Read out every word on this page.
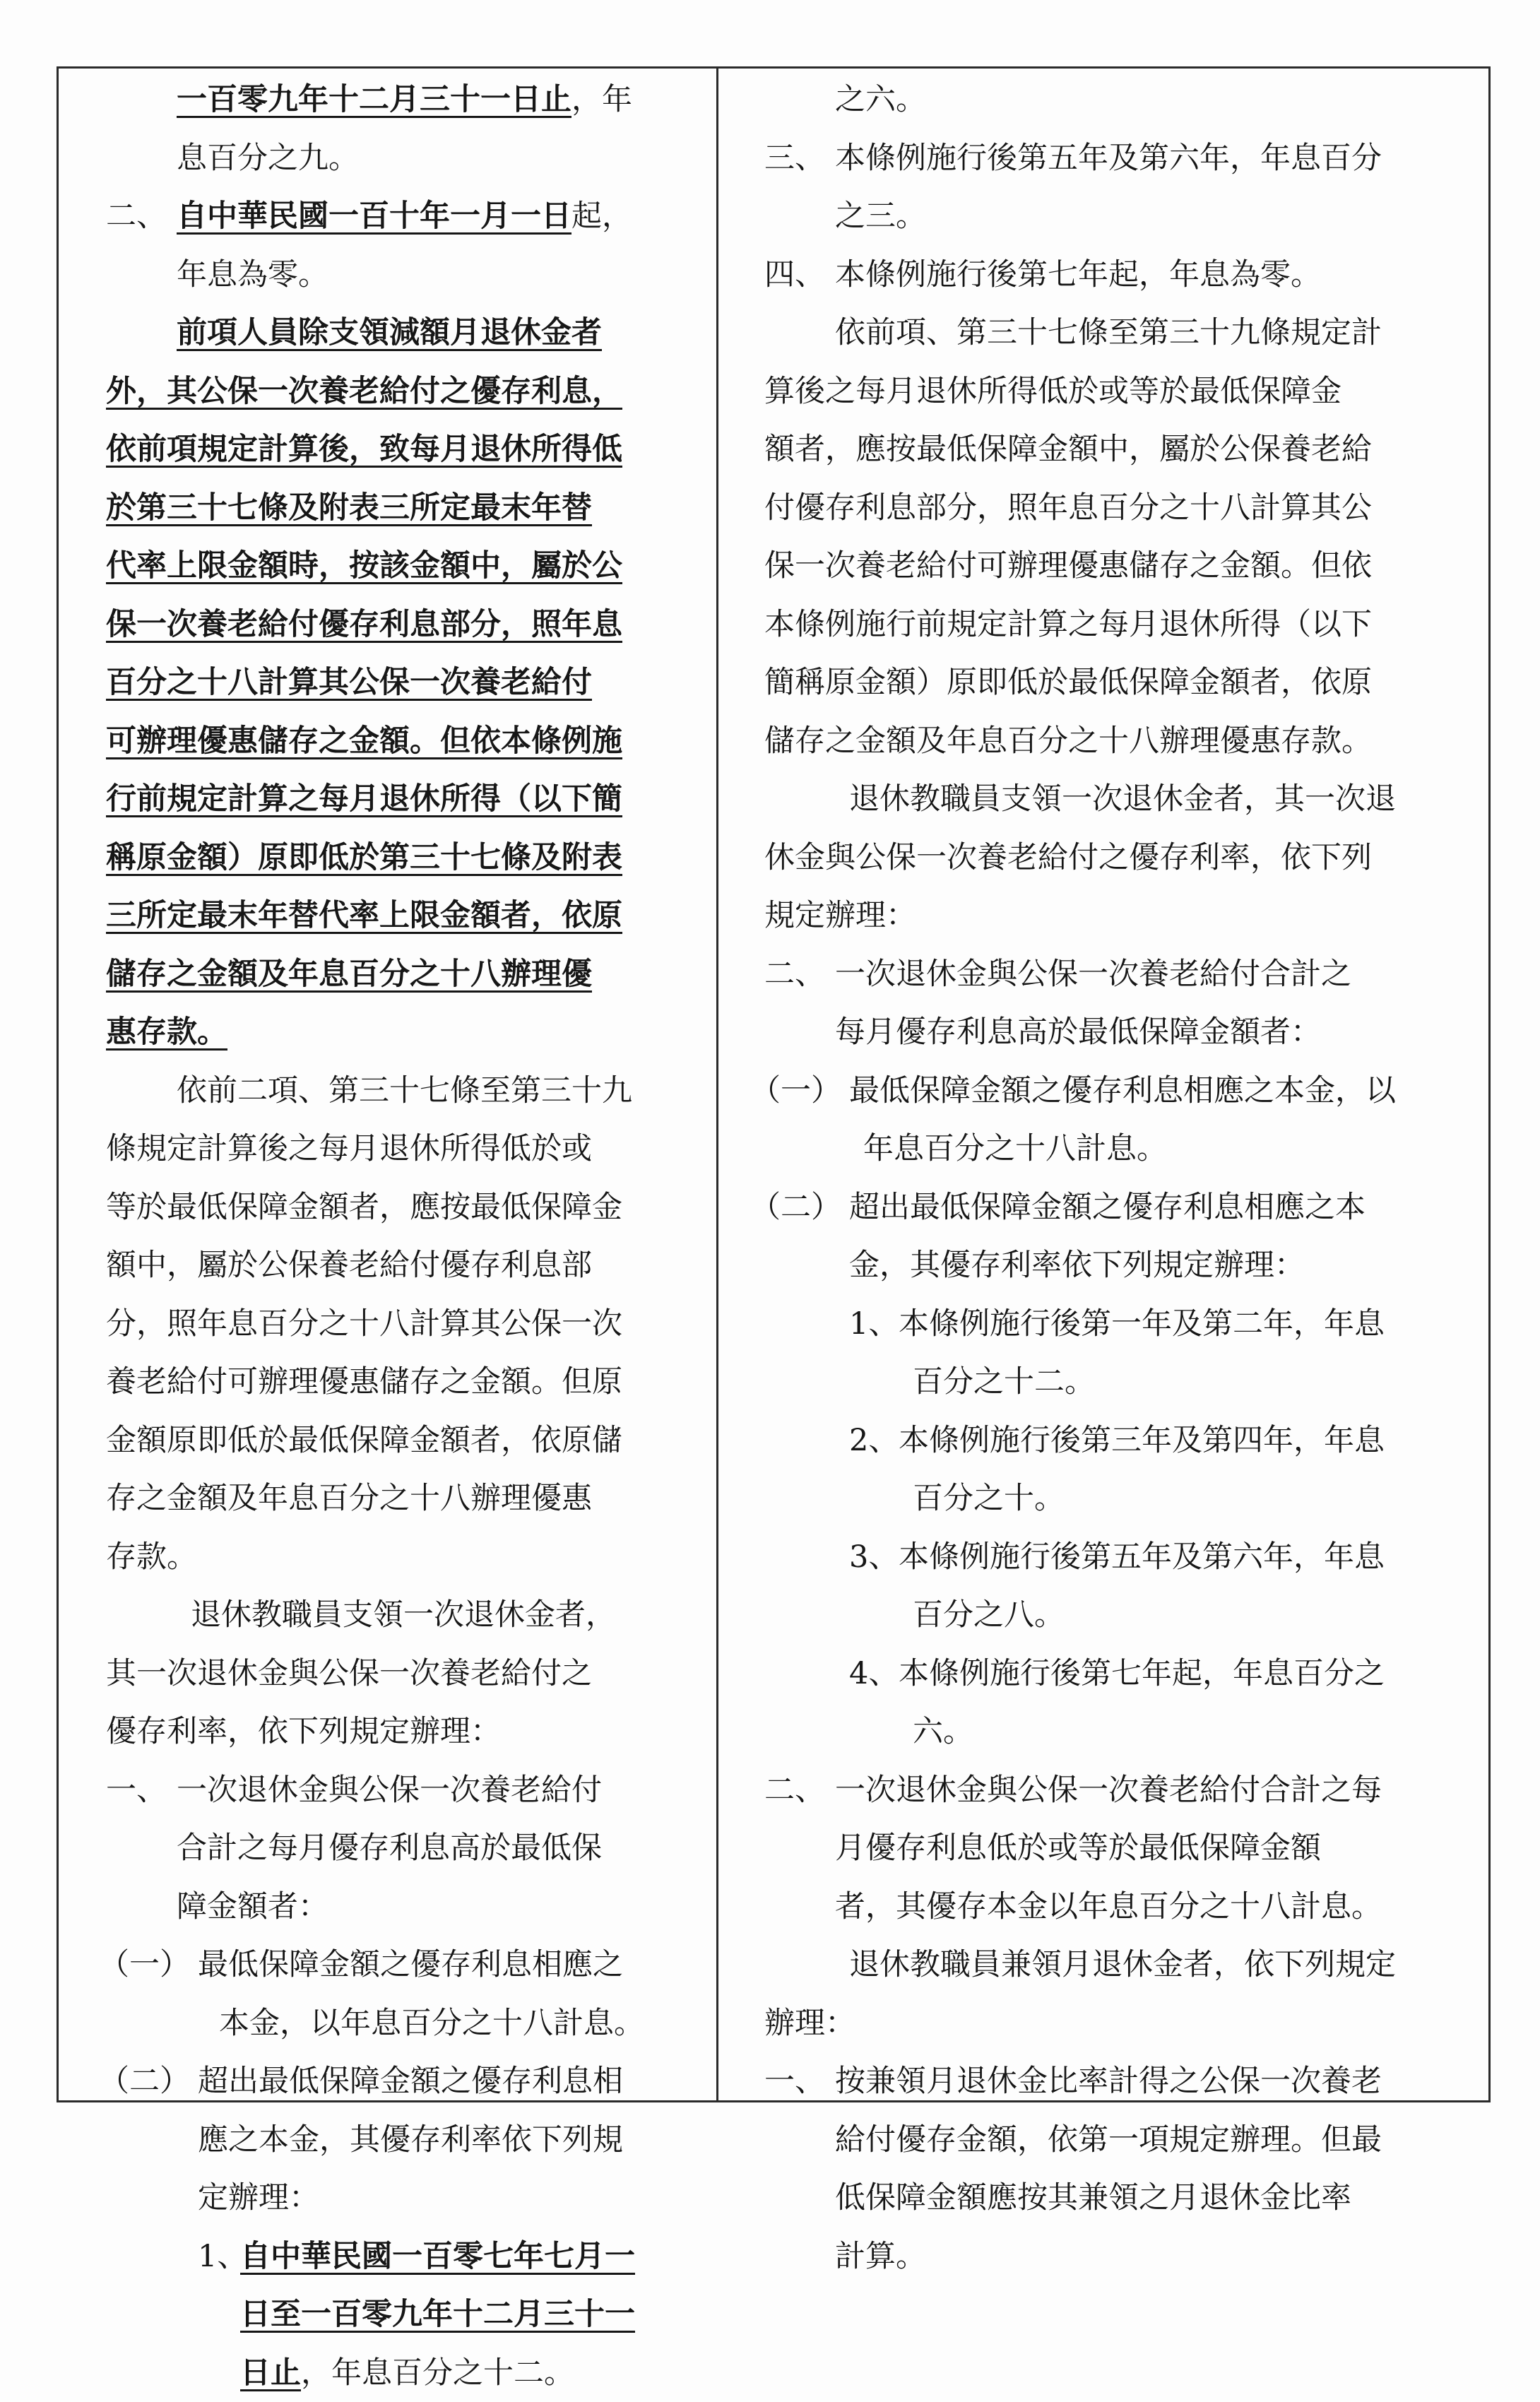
一百零九年十二月三十一日止，年
息百分之九。
二、 自中華民國一百十年一月一日起，
年息為零。
前項人員除支領減額月退休金者
外，其公保一次養老給付之優存利息，
依前項規定計算後，致每月退休所得低
於第三十七條及附表三所定最末年替
代率上限金額時，按該金額中，屬於公
保一次養老給付優存利息部分，照年息
百分之十八計算其公保一次養老給付
可辦理優惠儲存之金額。但依本條例施
行前規定計算之每月退休所得（以下簡
稱原金額）原即低於第三十七條及附表
三所定最末年替代率上限金額者，依原
儲存之金額及年息百分之十八辦理優
惠存款。
依前二項、第三十七條至第三十九
條規定計算後之每月退休所得低於或
等於最低保障金額者，應按最低保障金
額中，屬於公保養老給付優存利息部
分，照年息百分之十八計算其公保一次
養老給付可辦理優惠儲存之金額。但原
金額原即低於最低保障金額者，依原儲
存之金額及年息百分之十八辦理優惠
存款。
退休教職員支領一次退休金者，
其一次退休金與公保一次養老給付之
優存利率，依下列規定辦理：
一、 一次退休金與公保一次養老給付
合計之每月優存利息高於最低保
障金額者：
（一） 最低保障金額之優存利息相應之
本金，以年息百分之十八計息。
（二） 超出最低保障金額之優存利息相
應之本金，其優存利率依下列規
定辦理：
1、
自中華民國一百零七年七月一
日至一百零九年十二月三十一
日止，年息百分之十二。
之六。
三、 本條例施行後第五年及第六年，年息百分
之三。
四、 本條例施行後第七年起，年息為零。
依前項、第三十七條至第三十九條規定計
算後之每月退休所得低於或等於最低保障金
額者，應按最低保障金額中，屬於公保養老給
付優存利息部分，照年息百分之十八計算其公
保一次養老給付可辦理優惠儲存之金額。但依
本條例施行前規定計算之每月退休所得（以下
簡稱原金額）原即低於最低保障金額者，依原
儲存之金額及年息百分之十八辦理優惠存款。
退休教職員支領一次退休金者，其一次退
休金與公保一次養老給付之優存利率，依下列
規定辦理：
二、 一次退休金與公保一次養老給付合計之
每月優存利息高於最低保障金額者：
（一） 最低保障金額之優存利息相應之本金，以
年息百分之十八計息。
（二） 超出最低保障金額之優存利息相應之本
金，其優存利率依下列規定辦理：
1、 本條例施行後第一年及第二年，年息
百分之十二。
2、 本條例施行後第三年及第四年，年息
百分之十。
3、 本條例施行後第五年及第六年，年息
百分之八。
4、 本條例施行後第七年起，年息百分之
六。
二、 一次退休金與公保一次養老給付合計之每
月優存利息低於或等於最低保障金額
者，其優存本金以年息百分之十八計息。
退休教職員兼領月退休金者，依下列規定
辦理：
一、 按兼領月退休金比率計得之公保一次養老
給付優存金額，依第一項規定辦理。但最
低保障金額應按其兼領之月退休金比率
計算。
